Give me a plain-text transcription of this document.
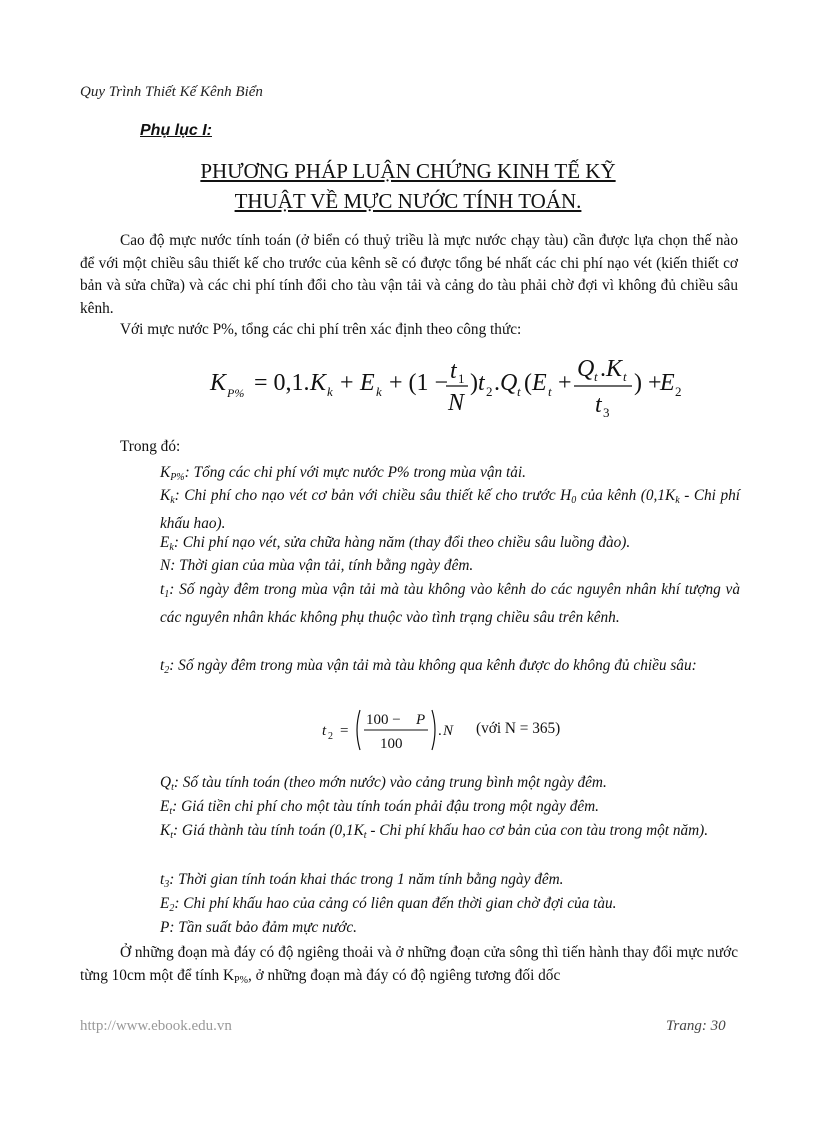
Quy Trình Thiết Kế Kênh Biển
Phụ lục I:
PHƯƠNG PHÁP LUẬN CHỨNG KINH TẾ KỸ
THUẬT VỀ MỰC NƯỚC TÍNH TOÁN.
Cao độ mực nước tính toán (ở biển có thuỷ triều là mực nước chạy tàu) cần được lựa chọn thế nào để với một chiều sâu thiết kế cho trước của kênh sẽ có được tổng bé nhất các chi phí nạo vét (kiến thiết cơ bản và sửa chữa) và các chi phí tính đổi cho tàu vận tải và cảng do tàu phải chờ đợi vì không đủ chiều sâu kênh.
Với mực nước P%, tổng các chi phí trên xác định theo công thức:
K P% = 0,1. K k + E k + (1 − t 1
N
) t 2 . Q t ( E t +
Q t . K t
t 3
) +
E 2
Trong đó:
$K_{P\%}$: Tổng các chi phí với mực nước P% trong mùa vận tải.
$K_k$: Chi phí cho nạo vét cơ bản với chiều sâu thiết kế cho trước $H_0$ của kênh ($0,1K_k$ - Chi phí khấu hao).
$E_k$: Chi phí nạo vét, sửa chữa hàng năm (thay đổi theo chiều sâu luồng đào).
N: Thời gian của mùa vận tải, tính bằng ngày đêm.
$t_1$: Số ngày đêm trong mùa vận tải mà tàu không vào kênh do các nguyên nhân khí tượng và các nguyên nhân khác không phụ thuộc vào tình trạng chiều sâu trên kênh.
$t_2$: Số ngày đêm trong mùa vận tải mà tàu không qua kênh được do không đủ chiều sâu:
t 2 =
100 − P
100
. N (với N = 365)
$Q_t$: Số tàu tính toán (theo mớn nước) vào cảng trung bình một ngày đêm.
$E_t$: Giá tiền chi phí cho một tàu tính toán phải đậu trong một ngày đêm.
$K_t$: Giá thành tàu tính toán ($0,1K_t$ - Chi phí khấu hao cơ bản của con tàu trong một năm).
$t_3$: Thời gian tính toán khai thác trong 1 năm tính bằng ngày đêm.
$E_2$: Chi phí khấu hao của cảng có liên quan đến thời gian chờ đợi của tàu.
P: Tần suất bảo đảm mực nước.
Ở những đoạn mà đáy có độ ngiêng thoải và ở những đoạn cửa sông thì tiến hành thay đổi mực nước từng 10cm một để tính $K_{P\%}$, ở những đoạn mà đáy có độ ngiêng tương đối dốc
http://www.ebook.edu.vn	Trang: 30
